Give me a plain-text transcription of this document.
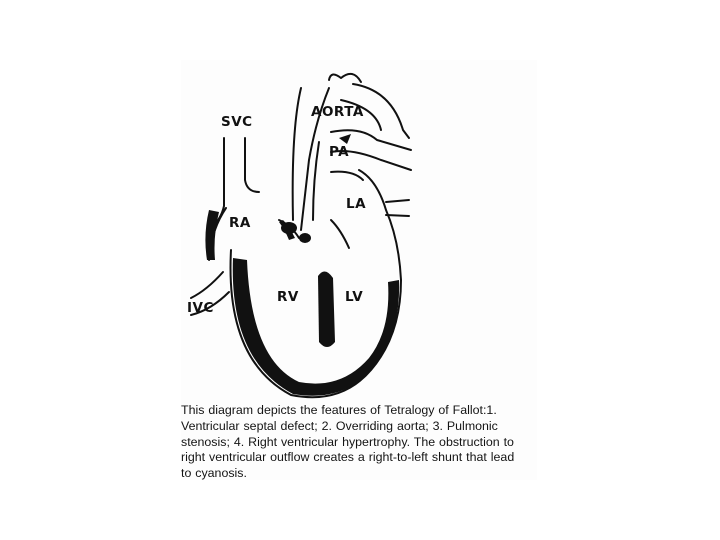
AORTA
SVC
PA
LA
RA
RV	LV
IVC
This diagram depicts the features of Tetralogy of Fallot:1.
Ventricular septal defect; 2. Overriding aorta; 3. Pulmonic
stenosis; 4. Right ventricular hypertrophy. The obstruction to
right ventricular outflow creates a right-to-left shunt that lead
to cyanosis.
